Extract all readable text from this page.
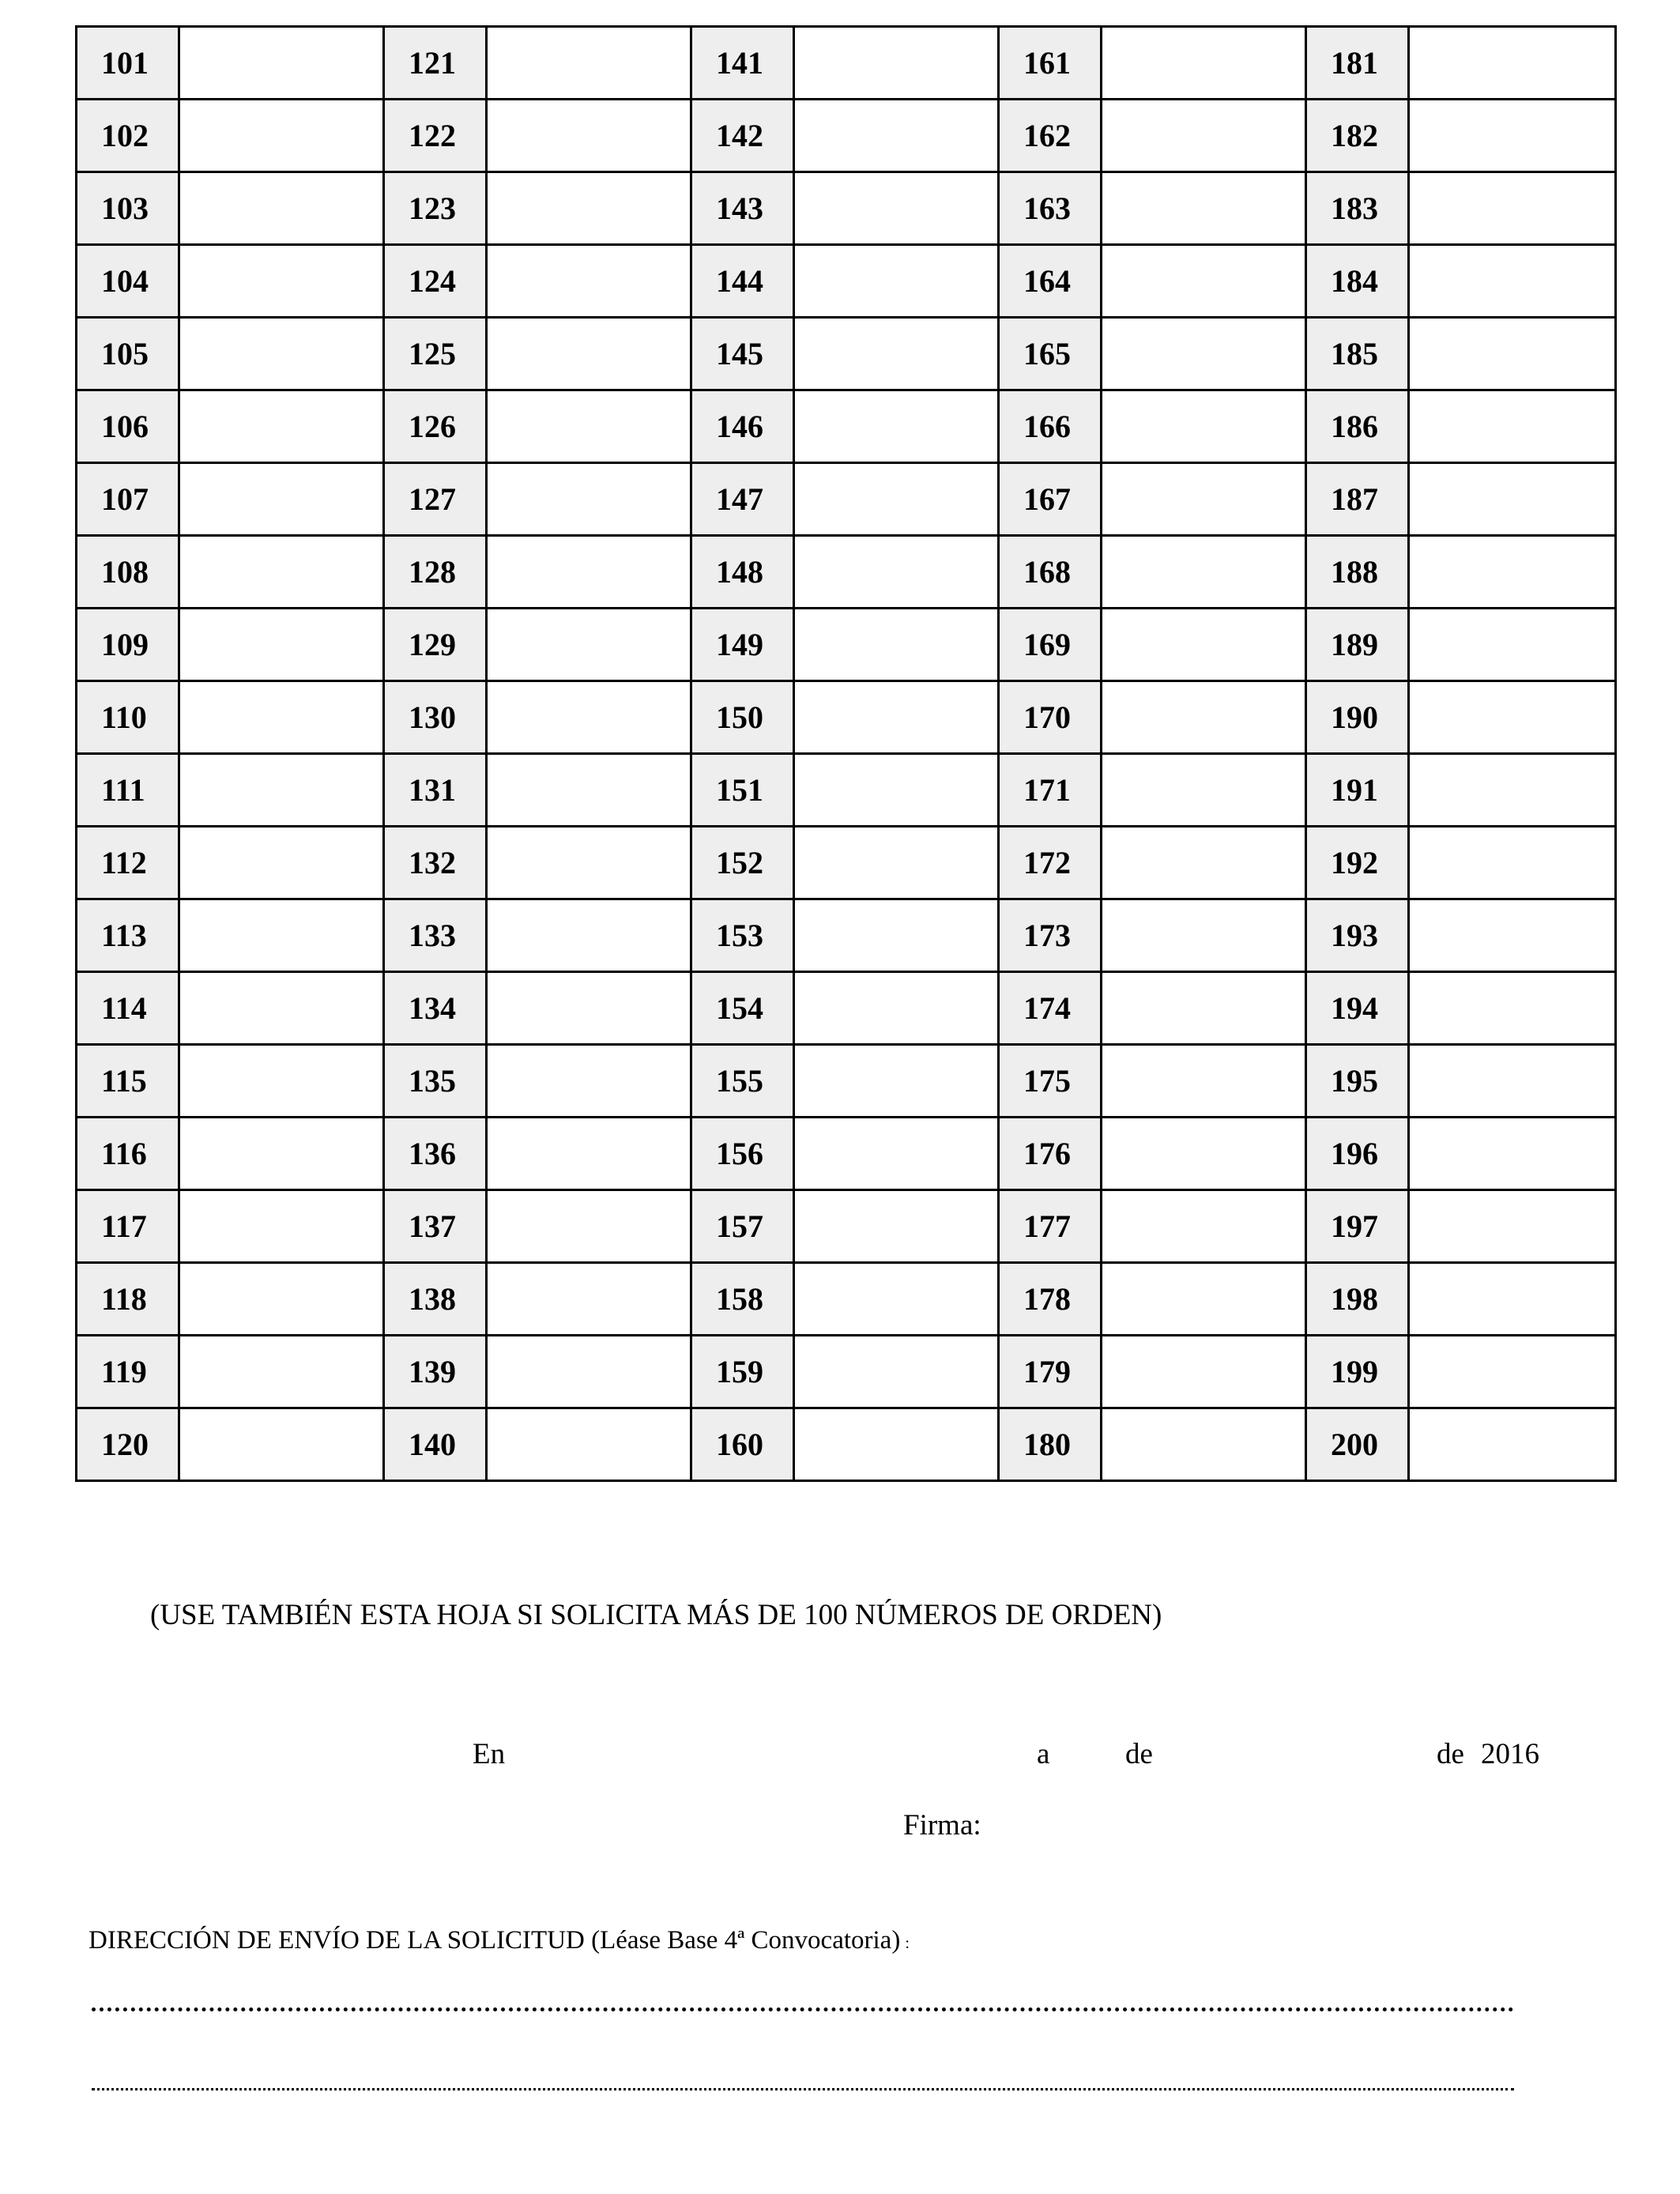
101		121		141		161		181	
102		122		142		162		182	
103		123		143		163		183	
104		124		144		164		184	
105		125		145		165		185	
106		126		146		166		186	
107		127		147		167		187	
108		128		148		168		188	
109		129		149		169		189	
110		130		150		170		190	
111		131		151		171		191	
112		132		152		172		192	
113		133		153		173		193	
114		134		154		174		194	
115		135		155		175		195	
116		136		156		176		196	
117		137		157		177		197	
118		138		158		178		198	
119		139		159		179		199	
120		140		160		180		200	
(USE TAMBIÉN ESTA HOJA SI SOLICITA MÁS DE 100 NÚMEROS DE ORDEN)
En	a	de	de 2016
Firma:
DIRECCIÓN DE ENVÍO DE LA SOLICITUD (Léase Base 4ª Convocatoria) :
